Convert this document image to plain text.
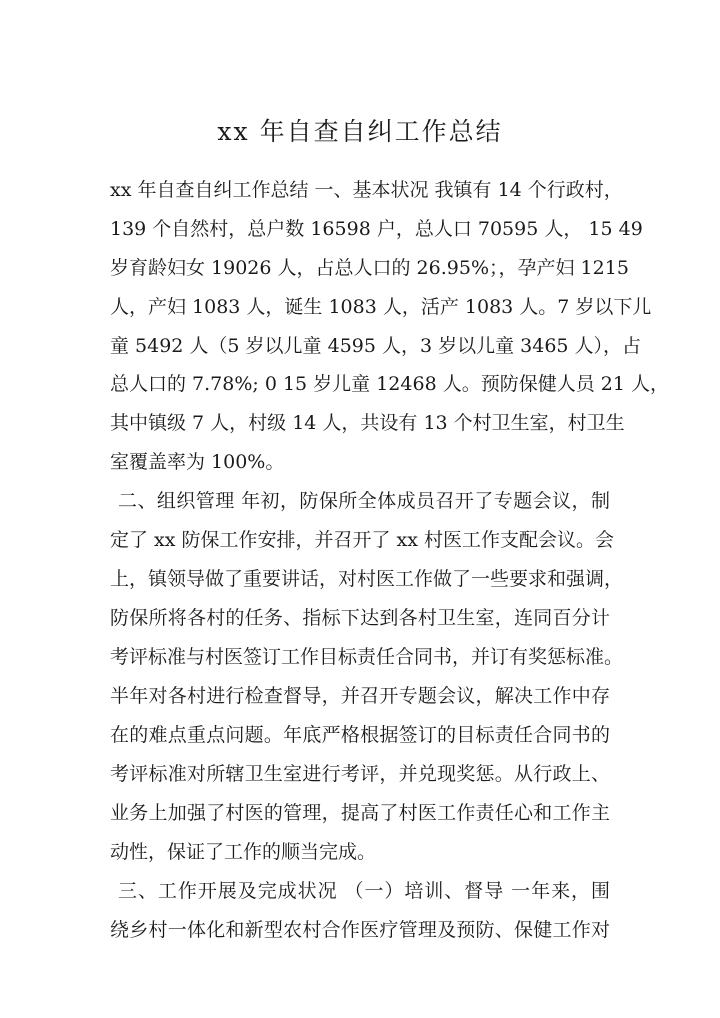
xx 年自查自纠工作总结
xx 年自查自纠工作总结 一、基本状况 我镇有 14 个行政村，
139 个自然村，总户数 16598 户，总人口 70595 人， 15 49
岁育龄妇女 19026 人，占总人口的 26.95%；，孕产妇 1215
人，产妇 1083 人，诞生 1083 人，活产 1083 人。7 岁以下儿
童 5492 人（5 岁以儿童 4595 人，3 岁以儿童 3465 人），占
总人口的 7.78%; 0 15 岁儿童 12468 人。预防保健人员 21 人，
其中镇级 7 人，村级 14 人，共设有 13 个村卫生室，村卫生
室覆盖率为 100%。
二、组织管理 年初，防保所全体成员召开了专题会议，制
定了 xx 防保工作安排，并召开了 xx 村医工作支配会议。会
上，镇领导做了重要讲话，对村医工作做了一些要求和强调，
防保所将各村的任务、指标下达到各村卫生室，连同百分计
考评标准与村医签订工作目标责任合同书，并订有奖惩标准。
半年对各村进行检查督导，并召开专题会议，解决工作中存
在的难点重点问题。年底严格根据签订的目标责任合同书的
考评标准对所辖卫生室进行考评，并兑现奖惩。从行政上、
业务上加强了村医的管理，提高了村医工作责任心和工作主
动性，保证了工作的顺当完成。
三、工作开展及完成状况 （一）培训、督导 一年来，围
绕乡村一体化和新型农村合作医疗管理及预防、保健工作对
